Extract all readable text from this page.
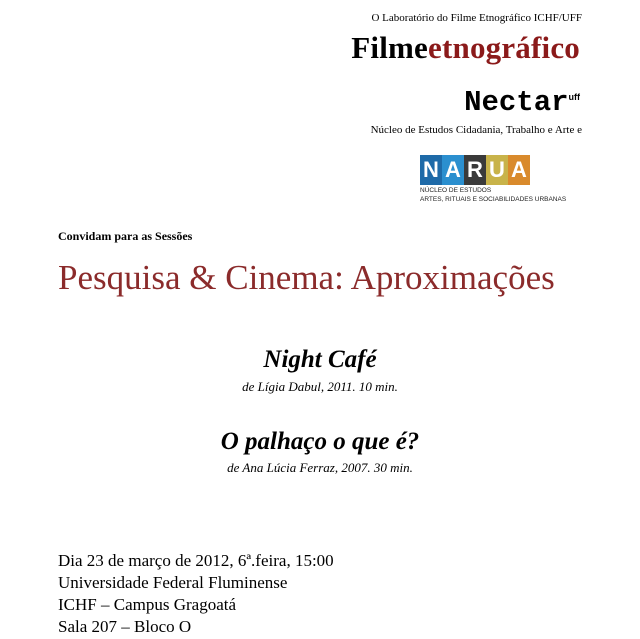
O Laboratório do Filme Etnográfico ICHF/UFF
Filmeetnográfico
Nectar$^{uff}$
Núcleo de Estudos Cidadania, Trabalho e Arte e
N A R U A
NÚCLEO DE ESTUDOS
ARTES, RITUAIS E SOCIABILIDADES URBANAS
Convidam para as Sessões
Pesquisa & Cinema: Aproximações
Night Café
de Lígia Dabul, 2011. 10 min.
O palhaço o que é?
de Ana Lúcia Ferraz, 2007. 30 min.
Dia 23 de março de 2012, 6ª.feira, 15:00
Universidade Federal Fluminense
ICHF – Campus Gragoatá
Sala 207 – Bloco O
